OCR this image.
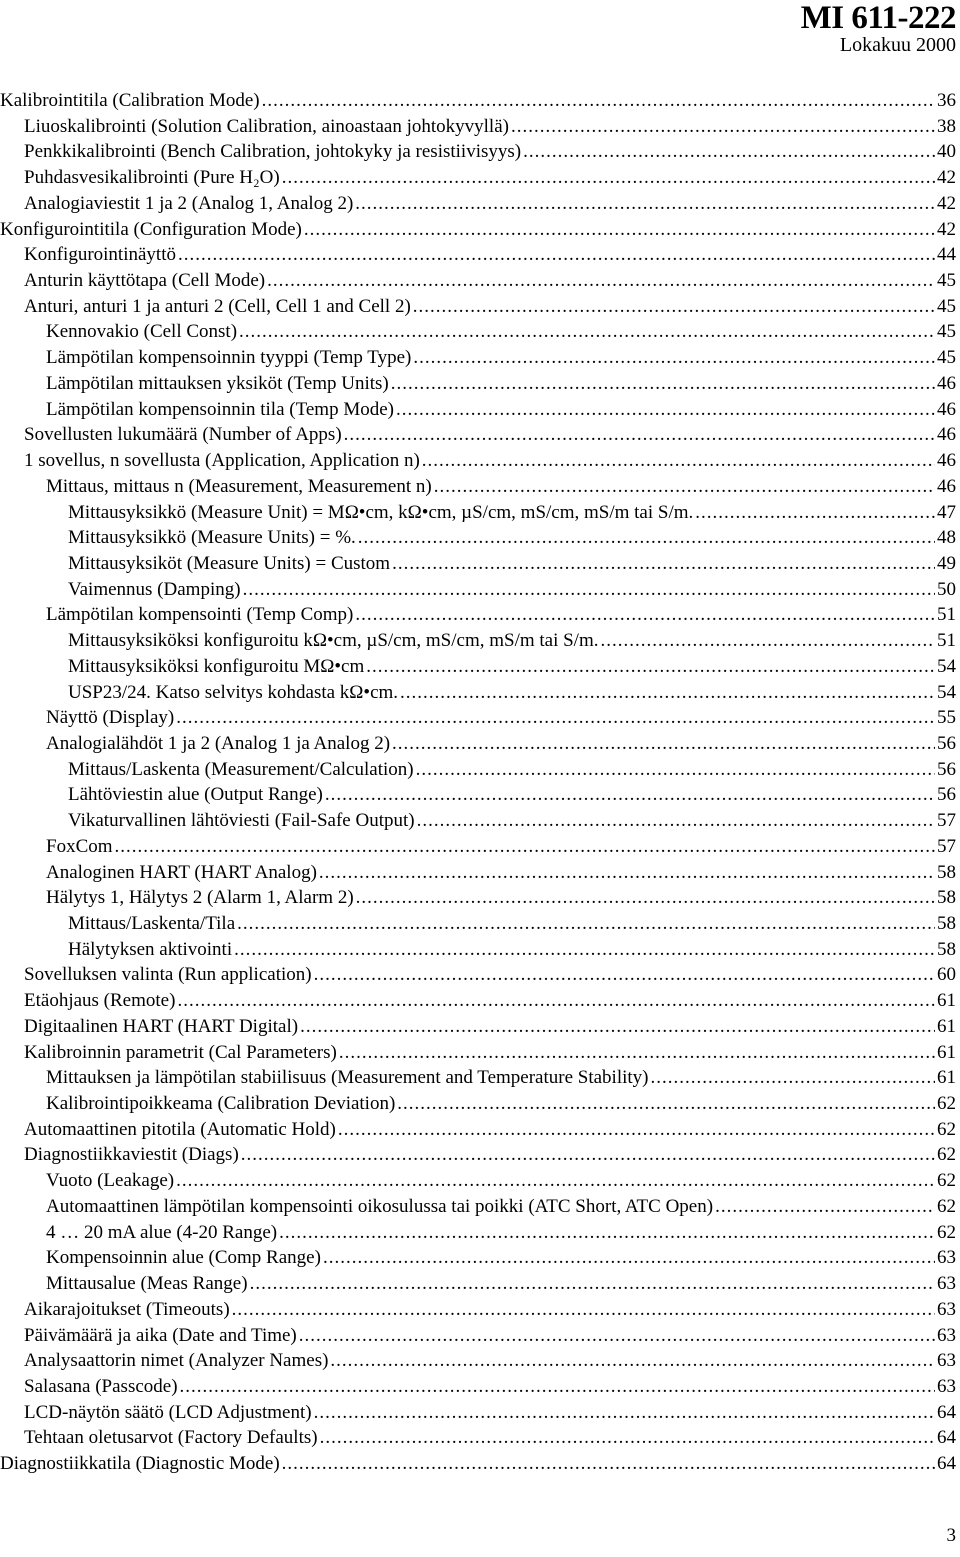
MI 611-222
Lokakuu 2000
Kalibrointitila (Calibration Mode) .....	36
Liuoskalibrointi (Solution Calibration, ainoastaan johtokyvyllä) .....	38
Penkkikalibrointi (Bench Calibration, johtokyky ja resistiivisyys) .....	40
Puhdasvesikalibrointi (Pure H₂O) .....	42
Analogiaviestit 1 ja 2 (Analog 1, Analog 2) .....	42
Konfigurointitila (Configuration Mode) .....	42
Konfigurointinäyttö .....	44
Anturin käyttötapa (Cell Mode) .....	45
Anturi, anturi 1 ja anturi 2 (Cell, Cell 1 and Cell 2) .....	45
Kennovakio (Cell Const) .....	45
Lämpötilan kompensoinnin tyyppi (Temp Type) .....	45
Lämpötilan mittauksen yksiköt (Temp Units) .....	46
Lämpötilan kompensoinnin tila (Temp Mode) .....	46
Sovellusten lukumäärä (Number of Apps) .....	46
1 sovellus, n sovellusta (Application, Application n) .....	46
Mittaus, mittaus n (Measurement, Measurement n) .....	46
Mittausyksikkö (Measure Unit) = MΩ•cm, kΩ•cm, µS/cm, mS/cm, mS/m tai S/m. .....	47
Mittausyksikkö (Measure Units) = %. .....	48
Mittausyksiköt (Measure Units) = Custom .....	49
Vaimennus (Damping) .....	50
Lämpötilan kompensointi (Temp Comp) .....	51
Mittausyksiköksi konfiguroitu kΩ•cm, µS/cm, mS/cm, mS/m tai S/m. .....	51
Mittausyksiköksi konfiguroitu MΩ•cm .....	54
USP23/24. Katso selvitys kohdasta kΩ•cm. .....	54
Näyttö (Display) .....	55
Analogialähdöt 1 ja 2 (Analog 1 ja Analog 2) .....	56
Mittaus/Laskenta (Measurement/Calculation) .....	56
Lähtöviestin alue (Output Range) .....	56
Vikaturvallinen lähtöviesti (Fail-Safe Output) .....	57
FoxCom .....	57
Analoginen HART (HART Analog) .....	58
Hälytys 1, Hälytys 2 (Alarm 1, Alarm 2) .....	58
Mittaus/Laskenta/Tila .....	58
Hälytyksen aktivointi .....	58
Sovelluksen valinta (Run application) .....	60
Etäohjaus (Remote) .....	61
Digitaalinen HART (HART Digital) .....	61
Kalibroinnin parametrit (Cal Parameters) .....	61
Mittauksen ja lämpötilan stabiilisuus (Measurement and Temperature Stability) .....	61
Kalibrointipoikkeama (Calibration Deviation) .....	62
Automaattinen pitotila (Automatic Hold) .....	62
Diagnostiikkaviestit (Diags) .....	62
Vuoto (Leakage) .....	62
Automaattinen lämpötilan kompensointi oikosulussa tai poikki (ATC Short, ATC Open) .....	62
4 … 20 mA alue (4-20 Range) .....	62
Kompensoinnin alue (Comp Range) .....	63
Mittausalue (Meas Range) .....	63
Aikarajoitukset (Timeouts) .....	63
Päivämäärä ja aika (Date and Time) .....	63
Analysaattorin nimet (Analyzer Names) .....	63
Salasana (Passcode) .....	63
LCD-näytön säätö (LCD Adjustment) .....	64
Tehtaan oletusarvot (Factory Defaults) .....	64
Diagnostiikkatila (Diagnostic Mode) .....	64
3
